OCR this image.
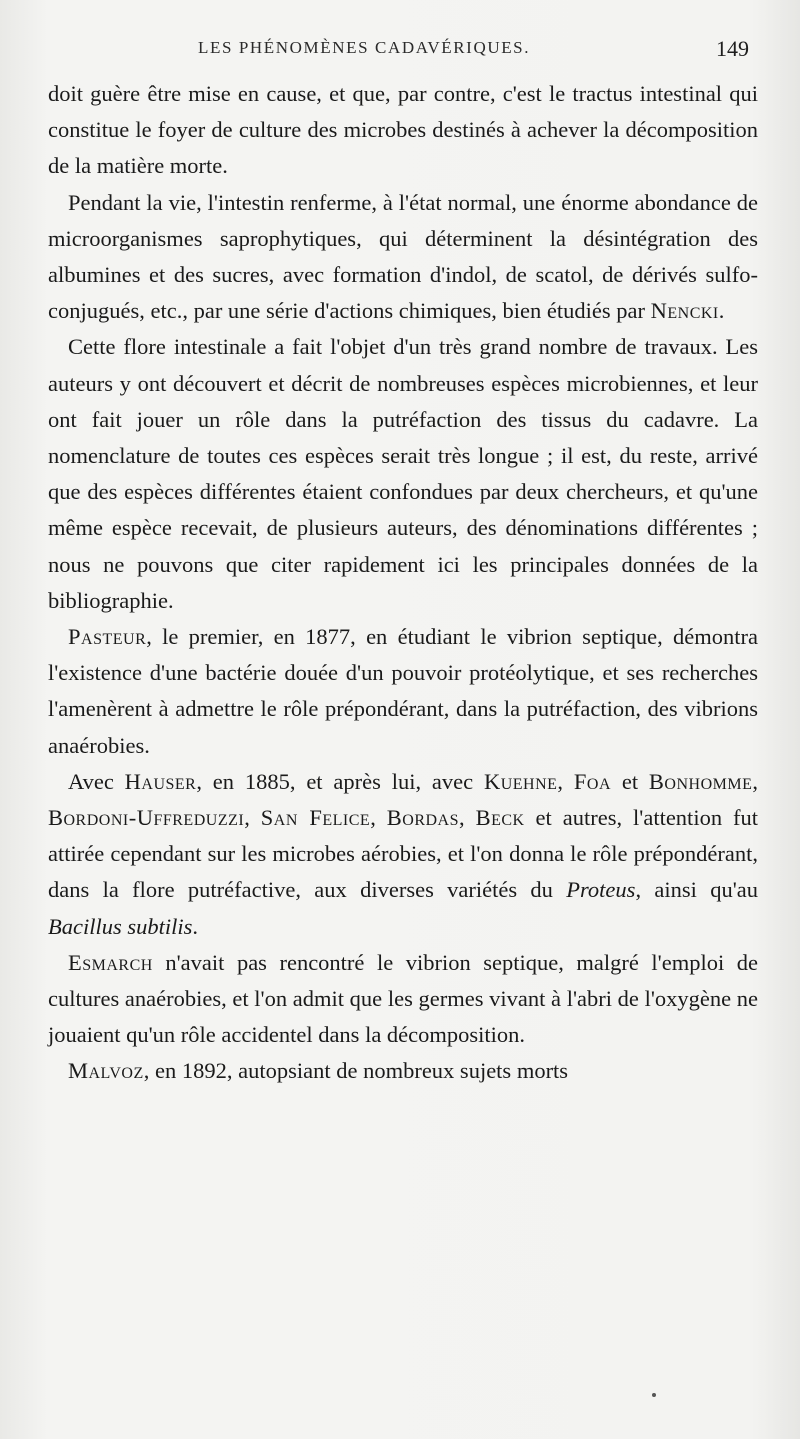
LES PHÉNOMÈNES CADAVÉRIQUES.	149

doit guère être mise en cause, et que, par contre, c'est le tractus intestinal qui constitue le foyer de culture des microbes destinés à achever la décomposition de la matière morte.

Pendant la vie, l'intestin renferme, à l'état normal, une énorme abondance de microorganismes saprophytiques, qui déterminent la désintégration des albumines et des sucres, avec formation d'indol, de scatol, de dérivés sulfo-conjugués, etc., par une série d'actions chimiques, bien étudiés par Nencki.

Cette flore intestinale a fait l'objet d'un très grand nombre de travaux. Les auteurs y ont découvert et décrit de nombreuses espèces microbiennes, et leur ont fait jouer un rôle dans la putréfaction des tissus du cadavre. La nomenclature de toutes ces espèces serait très longue ; il est, du reste, arrivé que des espèces différentes étaient confondues par deux chercheurs, et qu'une même espèce recevait, de plusieurs auteurs, des dénominations différentes ; nous ne pouvons que citer rapidement ici les principales données de la bibliographie.

Pasteur, le premier, en 1877, en étudiant le vibrion septique, démontra l'existence d'une bactérie douée d'un pouvoir protéolytique, et ses recherches l'amenèrent à admettre le rôle prépondérant, dans la putréfaction, des vibrions anaérobies.

Avec Hauser, en 1885, et après lui, avec Kuehne, Foa et Bonhomme, Bordoni-Uffreduzzi, San Felice, Bordas, Beck et autres, l'attention fut attirée cependant sur les microbes aérobies, et l'on donna le rôle prépondérant, dans la flore putréfactive, aux diverses variétés du Proteus, ainsi qu'au Bacillus subtilis.

Esmarch n'avait pas rencontré le vibrion septique, malgré l'emploi de cultures anaérobies, et l'on admit que les germes vivant à l'abri de l'oxygène ne jouaient qu'un rôle accidentel dans la décomposition.

Malvoz, en 1892, autopsiant de nombreux sujets morts
